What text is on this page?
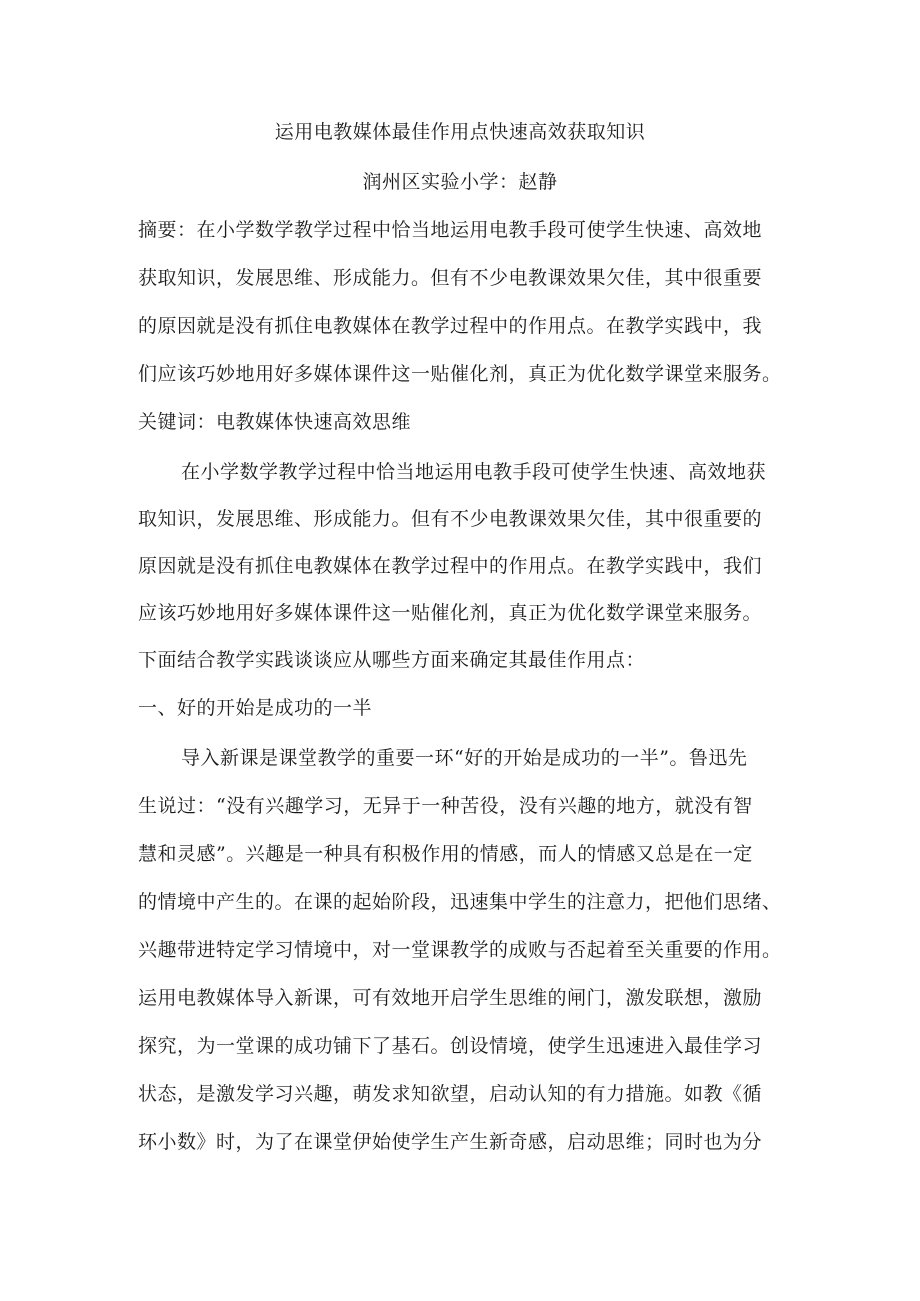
运用电教媒体最佳作用点快速高效获取知识
润州区实验小学：赵静
摘要：在小学数学教学过程中恰当地运用电教手段可使学生快速、高效地
获取知识，发展思维、形成能力。但有不少电教课效果欠佳，其中很重要
的原因就是没有抓住电教媒体在教学过程中的作用点。在教学实践中，我
们应该巧妙地用好多媒体课件这一贴催化剂，真正为优化数学课堂来服务。
关键词：电教媒体快速高效思维
在小学数学教学过程中恰当地运用电教手段可使学生快速、高效地获
取知识，发展思维、形成能力。但有不少电教课效果欠佳，其中很重要的
原因就是没有抓住电教媒体在教学过程中的作用点。在教学实践中，我们
应该巧妙地用好多媒体课件这一贴催化剂，真正为优化数学课堂来服务。
下面结合教学实践谈谈应从哪些方面来确定其最佳作用点：
一、好的开始是成功的一半
导入新课是课堂教学的重要一环“好的开始是成功的一半”。鲁迅先
生说过：“没有兴趣学习，无异于一种苦役，没有兴趣的地方，就没有智
慧和灵感”。兴趣是一种具有积极作用的情感，而人的情感又总是在一定
的情境中产生的。在课的起始阶段，迅速集中学生的注意力，把他们思绪、
兴趣带进特定学习情境中，对一堂课教学的成败与否起着至关重要的作用。
运用电教媒体导入新课，可有效地开启学生思维的闸门，激发联想，激励
探究，为一堂课的成功铺下了基石。创设情境，使学生迅速进入最佳学习
状态，是激发学习兴趣，萌发求知欲望，启动认知的有力措施。如教《循
环小数》时，为了在课堂伊始使学生产生新奇感，启动思维；同时也为分
